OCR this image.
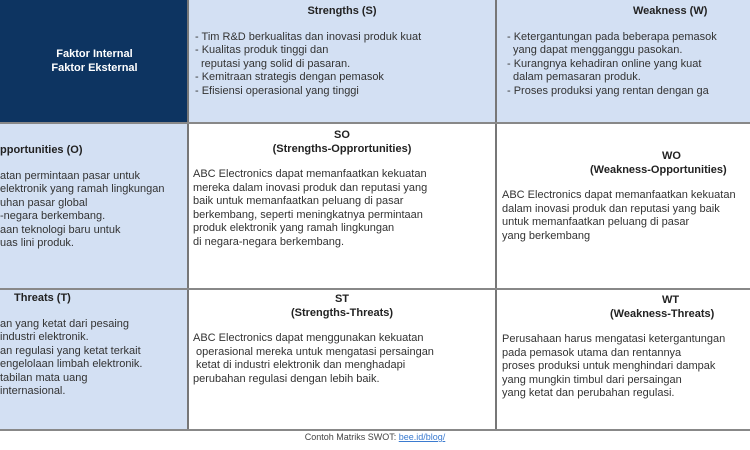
Faktor Internal
Faktor Eksternal
Strengths (S)
- Tim R&D berkualitas dan inovasi produk kuat
- Kualitas produk tinggi dan
reputasi yang solid di pasaran.
- Kemitraan strategis dengan pemasok
- Efisiensi operasional yang tinggi
Weakness (W)
- Ketergantungan pada beberapa pemasok
yang dapat mengganggu pasokan.
- Kurangnya kehadiran online yang kuat
dalam pemasaran produk.
- Proses produksi yang rentan dengan ga
pportunities (O)
atan permintaan pasar untuk
elektronik yang ramah lingkungan
uhan pasar global
-negara berkembang.
aan teknologi baru untuk
uas lini produk.
SO
(Strengths-Opprortunities)
ABC Electronics dapat memanfaatkan kekuatan
mereka dalam inovasi produk dan reputasi yang
baik untuk memanfaatkan peluang di pasar
berkembang, seperti meningkatnya permintaan
produk elektronik yang ramah lingkungan
di negara-negara berkembang.
WO
(Weakness-Opportunities)
ABC Electronics dapat memanfaatkan kekuatan
dalam inovasi produk dan reputasi yang baik
untuk memanfaatkan peluang di pasar
yang berkembang
Threats (T)
an yang ketat dari pesaing
industri elektronik.
an regulasi yang ketat terkait
engelolaan limbah elektronik.
tabilan mata uang
internasional.
ST
(Strengths-Threats)
ABC Electronics dapat menggunakan kekuatan
operasional mereka untuk mengatasi persaingan
ketat di industri elektronik dan menghadapi
perubahan regulasi dengan lebih baik.
WT
(Weakness-Threats)
Perusahaan harus mengatasi ketergantungan
pada pemasok utama dan rentannya
proses produksi untuk menghindari dampak
yang mungkin timbul dari persaingan
yang ketat dan perubahan regulasi.
Contoh Matriks SWOT: bee.id/blog/
